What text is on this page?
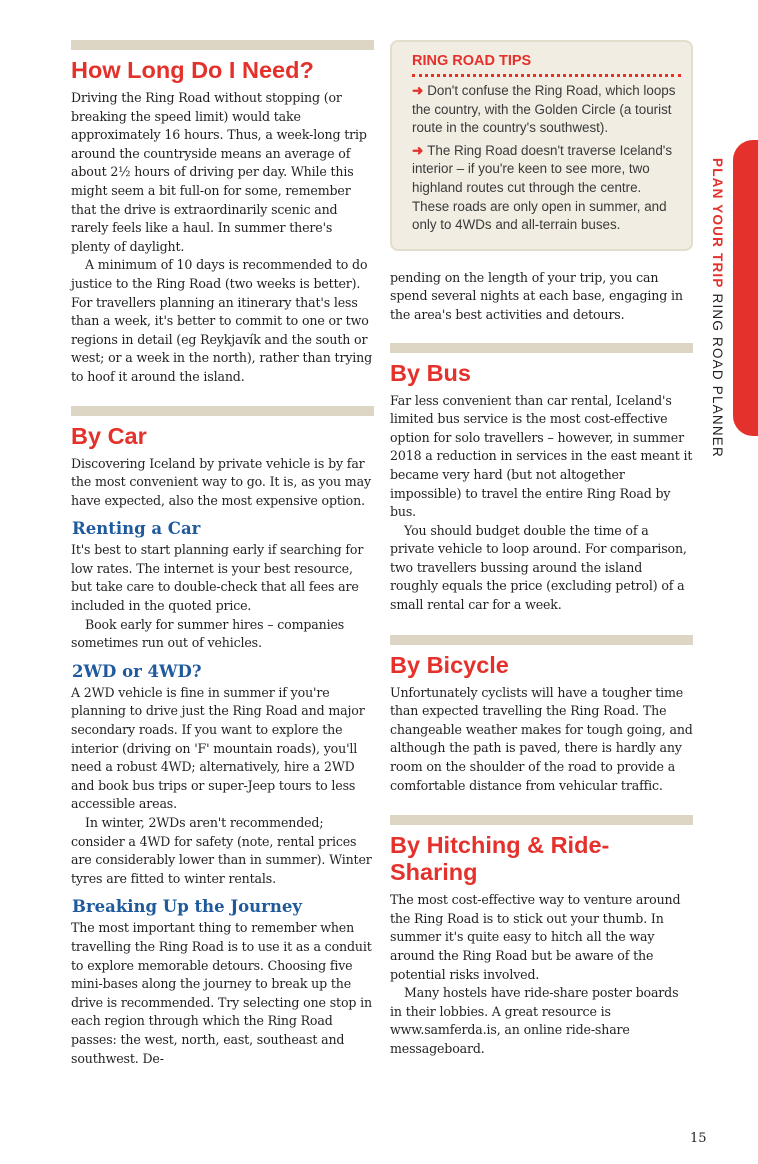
PLAN YOUR TRIP RING ROAD PLANNER
How Long Do I Need?

Driving the Ring Road without stopping (or breaking the speed limit) would take approximately 16 hours. Thus, a week-long trip around the countryside means an average of about 2½ hours of driving per day. While this might seem a bit full-on for some, remember that the drive is extraordinarily scenic and rarely feels like a haul. In summer there's plenty of daylight.

A minimum of 10 days is recommended to do justice to the Ring Road (two weeks is better). For travellers planning an itinerary that's less than a week, it's better to commit to one or two regions in detail (eg Reykjavík and the south or west; or a week in the north), rather than trying to hoof it around the island.

By Car

Discovering Iceland by private vehicle is by far the most convenient way to go. It is, as you may have expected, also the most expensive option.

Renting a Car

It's best to start planning early if searching for low rates. The internet is your best resource, but take care to double-check that all fees are included in the quoted price.

Book early for summer hires – companies sometimes run out of vehicles.

2WD or 4WD?

A 2WD vehicle is fine in summer if you're planning to drive just the Ring Road and major secondary roads. If you want to explore the interior (driving on 'F' mountain roads), you'll need a robust 4WD; alternatively, hire a 2WD and book bus trips or super-Jeep tours to less accessible areas.

In winter, 2WDs aren't recommended; consider a 4WD for safety (note, rental prices are considerably lower than in summer). Winter tyres are fitted to winter rentals.

Breaking Up the Journey

The most important thing to remember when travelling the Ring Road is to use it as a conduit to explore memorable detours. Choosing five mini-bases along the journey to break up the drive is recommended. Try selecting one stop in each region through which the Ring Road passes: the west, north, east, southeast and southwest. De-

RING ROAD TIPS

➜ Don't confuse the Ring Road, which loops the country, with the Golden Circle (a tourist route in the country's southwest).

➜ The Ring Road doesn't traverse Iceland's interior – if you're keen to see more, two highland routes cut through the centre. These roads are only open in summer, and only to 4WDs and all-terrain buses.

pending on the length of your trip, you can spend several nights at each base, engaging in the area's best activities and detours.

By Bus

Far less convenient than car rental, Iceland's limited bus service is the most cost-effective option for solo travellers – however, in summer 2018 a reduction in services in the east meant it became very hard (but not altogether impossible) to travel the entire Ring Road by bus.

You should budget double the time of a private vehicle to loop around. For comparison, two travellers bussing around the island roughly equals the price (excluding petrol) of a small rental car for a week.

By Bicycle

Unfortunately cyclists will have a tougher time than expected travelling the Ring Road. The changeable weather makes for tough going, and although the path is paved, there is hardly any room on the shoulder of the road to provide a comfortable distance from vehicular traffic.

By Hitching & Ride-Sharing

The most cost-effective way to venture around the Ring Road is to stick out your thumb. In summer it's quite easy to hitch all the way around the Ring Road but be aware of the potential risks involved.

Many hostels have ride-share poster boards in their lobbies. A great resource is www.samferda.is, an online ride-share messageboard.

15
